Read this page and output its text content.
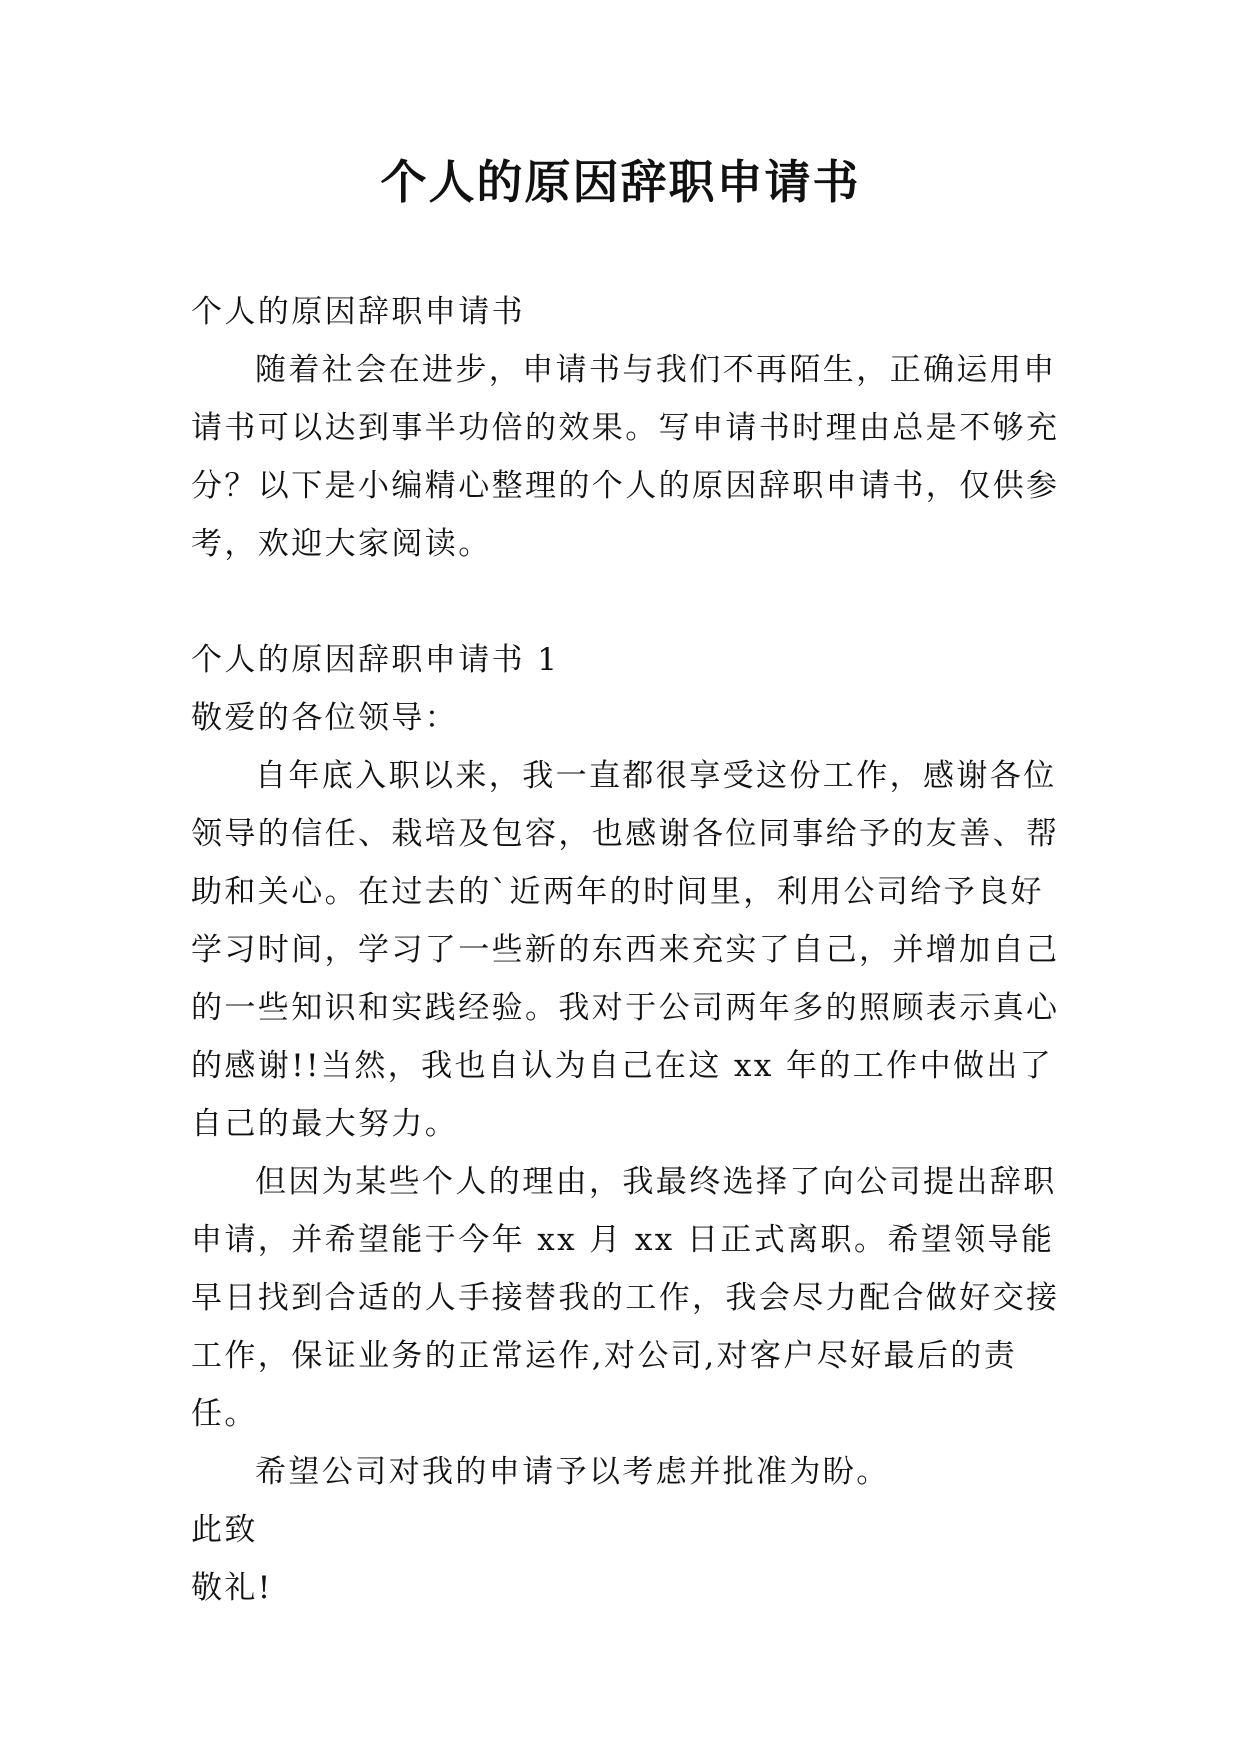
个人的原因辞职申请书

个人的原因辞职申请书

随着社会在进步，申请书与我们不再陌生，正确运用申请书可以达到事半功倍的效果。写申请书时理由总是不够充分？以下是小编精心整理的个人的原因辞职申请书，仅供参考，欢迎大家阅读。

个人的原因辞职申请书 1

敬爱的各位领导：

自年底入职以来，我一直都很享受这份工作，感谢各位领导的信任、栽培及包容，也感谢各位同事给予的友善、帮助和关心。在过去的`近两年的时间里，利用公司给予良好学习时间，学习了一些新的东西来充实了自己，并增加自己的一些知识和实践经验。我对于公司两年多的照顾表示真心的感谢!!当然，我也自认为自己在这 xx 年的工作中做出了自己的最大努力。

但因为某些个人的理由，我最终选择了向公司提出辞职申请，并希望能于今年 xx 月 xx 日正式离职。希望领导能早日找到合适的人手接替我的工作，我会尽力配合做好交接工作，保证业务的正常运作,对公司,对客户尽好最后的责任。

希望公司对我的申请予以考虑并批准为盼。

此致

敬礼!
